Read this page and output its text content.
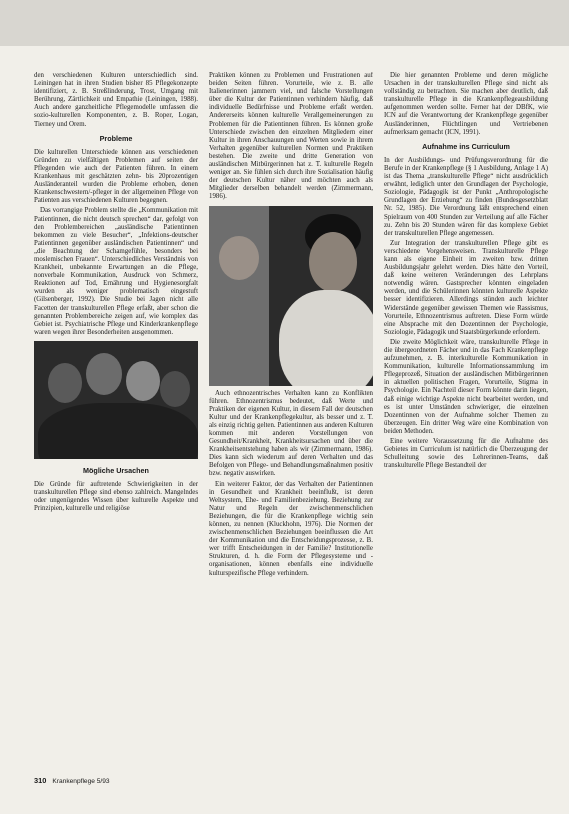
den verschiedenen Kulturen unterschiedlich sind. Leiningen hat in ihren Studien bisher 85 Pflegekonzepte identifiziert, z. B. Streßlinderung, Trost, Umgang mit Berührung, Zärtlichkeit und Empathie (Leiningen, 1988). Auch andere ganzheitliche Pflegemodelle umfassen die sozio-kulturellen Komponenten, z. B. Roper, Logan, Tierney und Orem.

Probleme

Die kulturellen Unterschiede können aus verschiedenen Gründen zu vielfältigen Problemen auf seiten der Pflegenden wie auch der Patienten führen. In einem Krankenhaus mit geschätzten zehn- bis 20prozentigen Ausländeranteil wurden die Probleme erhoben, denen Krankenschwestern/-pfleger in der allgemeinen Pflege von Patienten aus verschiedenen Kulturen begegnen.

Das vorrangige Problem stellte die „Kommunikation mit Patientinnen, die nicht deutsch sprechen“ dar, gefolgt von den Problembereichen „ausländische Patientinnen bekommen zu viele Besucher“, „Infektions-deutscher Patientinnen gegenüber ausländischen Patientinnen“ und „die Beachtung der Schamgefühle, besonders bei moslemischen Frauen“. Unterschiedliches Verständnis von Krankheit, unbekannte Erwartungen an die Pflege, nonverbale Kommunikation, Ausdruck von Schmerz, Reaktionen auf Tod, Ernährung und Hygienesorgfalt wurden als weniger problematisch eingestuft (Gilsenberger, 1992). Die Studie bei Jagen nicht alle Facetten der transkulturellen Pflege erfaßt, aber schon die genannten Problembereiche zeigen auf, wie komplex das Gebiet ist. Psychiatrische Pflege und Kinderkrankenpflege waren wegen ihrer Besonderheiten ausgenommen.

Mögliche Ursachen

Die Gründe für auftretende Schwierigkeiten in der transkulturellen Pflege sind ebenso zahlreich. Mangelndes oder ungenügendes Wissen über kulturelle Aspekte und Prinzipien, kulturelle und religiöse

Praktiken können zu Problemen und Frustrationen auf beiden Seiten führen. Vorurteile, wie z. B. alle Italienerinnen jammern viel, und falsche Vorstellungen über die Kultur der Patientinnen verhindern häufig, daß individuelle Bedürfnisse und Probleme erfaßt werden. Andererseits können kulturelle Verallgemeinerungen zu Problemen für die Patientinnen führen. Es können große Unterschiede zwischen den einzelnen Mitgliedern einer Kultur in ihren Anschauungen und Werten sowie in ihrem Verhalten gegenüber kulturellen Normen und Praktiken bestehen. Die zweite und dritte Generation von ausländischen Mitbürgerinnen hat z. T. kulturelle Regeln weniger an. Sie fühlen sich durch ihre Sozialisation häufig der deutschen Kultur näher und möchten auch als Mitglieder derselben behandelt werden (Zimmermann, 1986).

Auch ethnozentrisches Verhalten kann zu Konflikten führen. Ethnozentrismus bedeutet, daß Werte und Praktiken der eigenen Kultur, in diesem Fall der deutschen Kultur und der Krankenpflegekultur, als besser und z. T. als einzig richtig gelten. Patientinnen aus anderen Kulturen kommen mit anderen Vorstellungen von Gesundheit/Krankheit, Krankheitsursachen und über die Krankheitsentstehung haben als wir (Zimmermann, 1986). Dies kann sich wiederum auf deren Verhalten und das Befolgen von Pflege- und Behandlungsmaßnahmen positiv bzw. negativ auswirken.

Ein weiterer Faktor, der das Verhalten der Patientinnen in Gesundheit und Krankheit beeinflußt, ist deren Weltsystem, Ehe- und Familienbeziehung. Beziehung zur Natur und Regeln der zwischenmenschlichen Beziehungen, die für die Krankenpflege wichtig sein können, zu nennen (Kluckhohn, 1976). Die Normen der zwischenmenschlichen Beziehungen beeinflussen die Art der Kommunikation und die Entscheidungsprozesse, z. B. wer trifft Entscheidungen in der Familie? Institutionelle Strukturen, d. h. die Form der Pflegesysteme und -organisationen, können ebenfalls eine individuelle kulturspezifische Pflege verhindern.

Die hier genannten Probleme und deren mögliche Ursachen in der transkulturellen Pflege sind nicht als vollständig zu betrachten. Sie machen aber deutlich, daß transkulturelle Pflege in die Krankenpflegeausbildung aufgenommen werden sollte. Ferner hat der DBfK, wie ICN auf die Verantwortung der Krankenpflege gegenüber Ausländerinnen, Flüchtlingen und Vertriebenen aufmerksam gemacht (ICN, 1991).

Aufnahme ins Curriculum

In der Ausbildungs- und Prüfungsverordnung für die Berufe in der Krankenpflege (§ 1 Ausbildung, Anlage 1 A) ist das Thema „transkulturelle Pflege“ nicht ausdrücklich erwähnt, lediglich unter den Grundlagen der Psychologie, Soziologie, Pädagogik ist der Punkt „Anthropologische Grundlagen der Erziehung“ zu finden (Bundesgesetzblatt Nr. 52, 1985). Die Verordnung läßt entsprechend einen Spielraum von 400 Stunden zur Verteilung auf alle Fächer zu. Zehn bis 20 Stunden wären für das komplexe Gebiet der transkulturellen Pflege angemessen.

Zur Integration der transkulturellen Pflege gibt es verschiedene Vorgehensweisen. Transkulturelle Pflege kann als eigene Einheit im zweiten bzw. dritten Ausbildungsjahr gelehrt werden. Dies hätte den Vorteil, daß keine weiteren Veränderungen des Lehrplans notwendig wären. Gastsprecher könnten eingeladen werden, und die Schülerinnen könnten kulturelle Aspekte besser identifizieren. Allerdings stünden auch leichter Widerstände gegenüber gewissen Themen wie Rassismus, Vorurteile, Ethnozentrismus auftreten. Diese Form würde eine Absprache mit den Dozentinnen der Psychologie, Soziologie, Pädagogik und Staatsbürgerkunde erfordern.

Die zweite Möglichkeit wäre, transkulturelle Pflege in die übergeordneten Fächer und in das Fach Krankenpflege aufzunehmen, z. B. interkulturelle Kommunikation in Kommunikation, kulturelle Informationssammlung im Pflegeprozeß, Situation der ausländischen Mitbürgerinnen in aktuellen politischen Fragen, Vorurteile, Stigma in Psychologie. Ein Nachteil dieser Form könnte darin liegen, daß einige wichtige Aspekte nicht bearbeitet werden, und es ist unter Umständen schwieriger, die einzelnen Dozentinnen von der Aufnahme solcher Themen zu überzeugen. Ein dritter Weg wäre eine Kombination von beiden Methoden.

Eine weitere Voraussetzung für die Aufnahme des Gebietes im Curriculum ist natürlich die Überzeugung der Schulleitung sowie des Lehrerinnen-Teams, daß transkulturelle Pflege Bestandteil der

310 Krankenpflege 5/93
